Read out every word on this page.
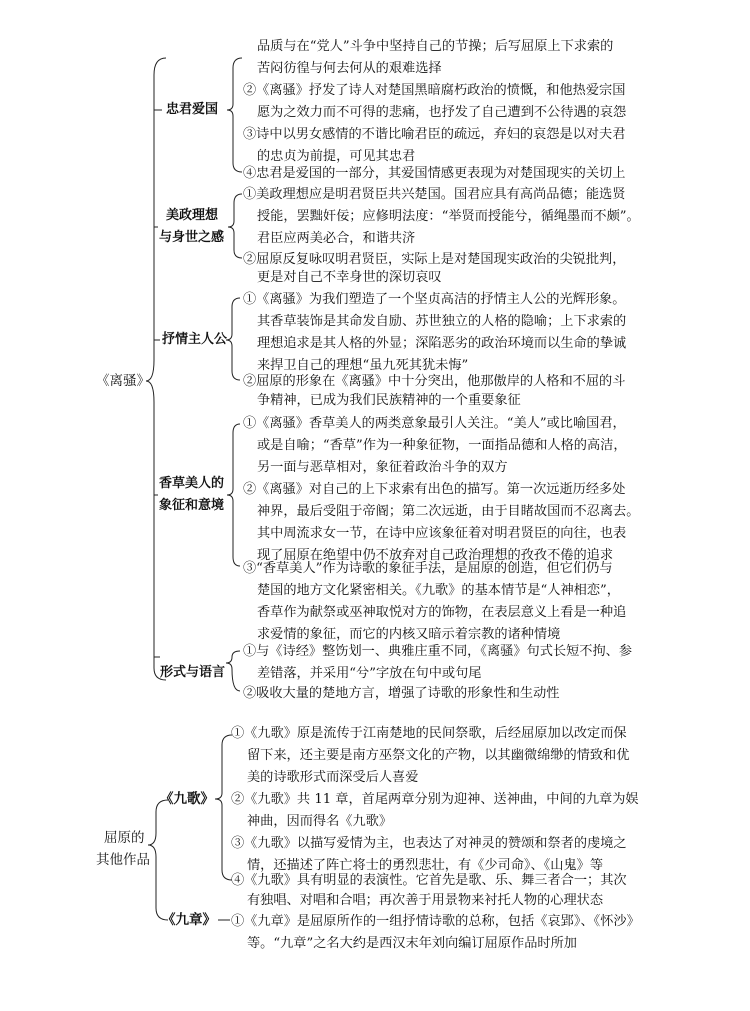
《离骚》
忠君爱国
美政理想
与身世之感
抒情主人公
香草美人的
象征和意境
形式与语言
品质与在“党人”斗争中坚持自己的节操；后写屈原上下求索的
苦闷彷徨与何去何从的艰难选择
②《离骚》抒发了诗人对楚国黑暗腐朽政治的愤慨，和他热爱宗国
愿为之效力而不可得的悲痛，也抒发了自己遭到不公待遇的哀怨
③诗中以男女感情的不谐比喻君臣的疏远，弃妇的哀怨是以对夫君
的忠贞为前提，可见其忠君
④忠君是爱国的一部分，其爱国情感更表现为对楚国现实的关切上
①美政理想应是明君贤臣共兴楚国。国君应具有高尚品德；能选贤
授能，罢黜奸佞；应修明法度：“举贤而授能兮，循绳墨而不颇”。
君臣应两美必合，和谐共济
②屈原反复咏叹明君贤臣，实际上是对楚国现实政治的尖锐批判，
更是对自己不幸身世的深切哀叹
①《离骚》为我们塑造了一个坚贞高洁的抒情主人公的光辉形象。
其香草装饰是其命发自励、苏世独立的人格的隐喻；上下求索的
理想追求是其人格的外显；深陷恶劣的政治环境而以生命的挚诚
来捍卫自己的理想“虽九死其犹未悔”
②屈原的形象在《离骚》中十分突出，他那傲岸的人格和不屈的斗
争精神，已成为我们民族精神的一个重要象征
①《离骚》香草美人的两类意象最引人关注。“美人”或比喻国君，
或是自喻；“香草”作为一种象征物，一面指品德和人格的高洁，
另一面与恶草相对，象征着政治斗争的双方
②《离骚》对自己的上下求索有出色的描写。第一次远逝历经多处
神界，最后受阻于帝阍；第二次远逝，由于目睹故国而不忍离去。
其中周流求女一节，在诗中应该象征着对明君贤臣的向往，也表
现了屈原在绝望中仍不放弃对自己政治理想的孜孜不倦的追求
③“香草美人”作为诗歌的象征手法，是屈原的创造，但它们仍与
楚国的地方文化紧密相关。《九歌》的基本情节是“人神相恋”，
香草作为献祭或巫神取悦对方的饰物，在表层意义上看是一种追
求爱情的象征，而它的内核又暗示着宗教的诸种情境
①与《诗经》整饬划一、典雅庄重不同，《离骚》句式长短不拘、参
差错落，并采用“兮”字放在句中或句尾
②吸收大量的楚地方言，增强了诗歌的形象性和生动性
屈原的
其他作品
《九歌》
《九章》
①《九歌》原是流传于江南楚地的民间祭歌，后经屈原加以改定而保
留下来，还主要是南方巫祭文化的产物，以其幽微绵缈的情致和优
美的诗歌形式而深受后人喜爱
②《九歌》共 11 章，首尾两章分别为迎神、送神曲，中间的九章为娱
神曲，因而得名《九歌》
③《九歌》以描写爱情为主，也表达了对神灵的赞颂和祭者的虔境之
情，还描述了阵亡将士的勇烈悲壮，有《少司命》、《山鬼》等
④《九歌》具有明显的表演性。它首先是歌、乐、舞三者合一；其次
有独唱、对唱和合唱；再次善于用景物来衬托人物的心理状态
①《九章》是屈原所作的一组抒情诗歌的总称，包括《哀郢》、《怀沙》
等。“九章”之名大约是西汉末年刘向编订屈原作品时所加
